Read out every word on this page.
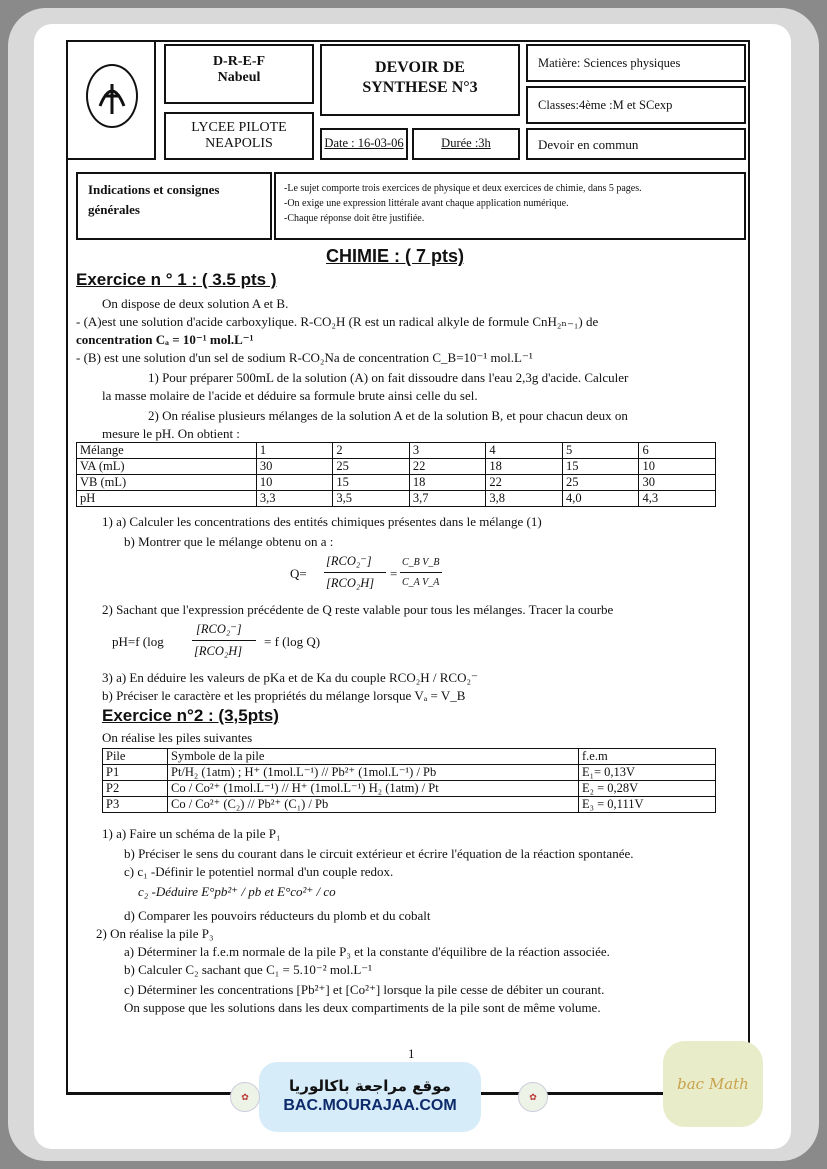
D-R-E-F
Nabeul
LYCEE PILOTE
NEAPOLIS
DEVOIR DE
SYNTHESE N°3
Date : 16-03-06	Durée :3h
Matière: Sciences physiques
Classes:4ème :M et SCexp
Devoir en commun
Indications et consignes
générales
-Le sujet comporte trois exercices de physique et deux exercices de chimie, dans 5 pages.
-On exige une expression littérale avant chaque application numérique.
-Chaque réponse doit être justifiée.
CHIMIE : ( 7 pts)
Exercice n ° 1 : ( 3.5 pts )
On dispose de deux solution A et B.
- (A)est une solution d'acide carboxylique. R-CO₂H (R est un radical alkyle de formule CnH₂ₙ₋₁) de
concentration Cₐ = 10⁻¹ mol.L⁻¹
- (B) est une solution d'un sel de sodium R-CO₂Na de concentration C_B=10⁻¹ mol.L⁻¹
1) Pour préparer 500mL de la solution (A) on fait dissoudre dans l'eau 2,3g d'acide. Calculer
la masse molaire de l'acide et déduire sa formule brute ainsi celle du sel.
2) On réalise plusieurs mélanges de la solution A et de la solution B, et pour chacun deux on
mesure le pH. On obtient :
Mélange	1	2	3	4	5	6
VA (mL)	30	25	22	18	15	10
VB (mL)	10	15	18	22	25	30
pH	3,3	3,5	3,7	3,8	4,0	4,3
1) a) Calculer les concentrations des entités chimiques présentes dans le mélange (1)
b) Montrer que le mélange obtenu on a :
Q=
[RCO₂⁻]
[RCO₂H]
=
C_B V_B
C_A V_A
2) Sachant que l'expression précédente de Q reste valable pour tous les mélanges. Tracer la courbe
pH=f (log
[RCO₂⁻]
[RCO₂H]
= f (log Q)
3) a) En déduire les valeurs de pKa et de Ka du couple RCO₂H / RCO₂⁻
b) Préciser le caractère et les propriétés du mélange lorsque Vₐ = V_B
Exercice n°2 : (3,5pts)
On réalise les piles suivantes
Pile	Symbole de la pile	f.e.m
P1	Pt/H₂ (1atm) ; H⁺ (1mol.L⁻¹) // Pb²⁺ (1mol.L⁻¹) / Pb	E₁= 0,13V
P2	Co / Co²⁺ (1mol.L⁻¹) // H⁺ (1mol.L⁻¹) H₂ (1atm) / Pt	E₂ = 0,28V
P3	Co / Co²⁺ (C₂) // Pb²⁺ (C₁) / Pb	E₃ = 0,111V
1) a) Faire un schéma de la pile P₁
b) Préciser le sens du courant dans le circuit extérieur et écrire l'équation de la réaction spontanée.
c) c₁ -Définir le potentiel normal d'un couple redox.
c₂ -Déduire E°pb²⁺ / pb et E°co²⁺ / co
d) Comparer les pouvoirs réducteurs du plomb et du cobalt
2) On réalise la pile P₃
a) Déterminer la f.e.m normale de la pile P₃ et la constante d'équilibre de la réaction associée.
b) Calculer C₂ sachant que C₁ = 5.10⁻² mol.L⁻¹
c) Déterminer les concentrations [Pb²⁺] et [Co²⁺] lorsque la pile cesse de débiter un courant.
On suppose que les solutions dans les deux compartiments de la pile sont de même volume.
1
موقع مراجعة باكالوريا
BAC.MOURAJAA.COM
✿	✿
bac Math
